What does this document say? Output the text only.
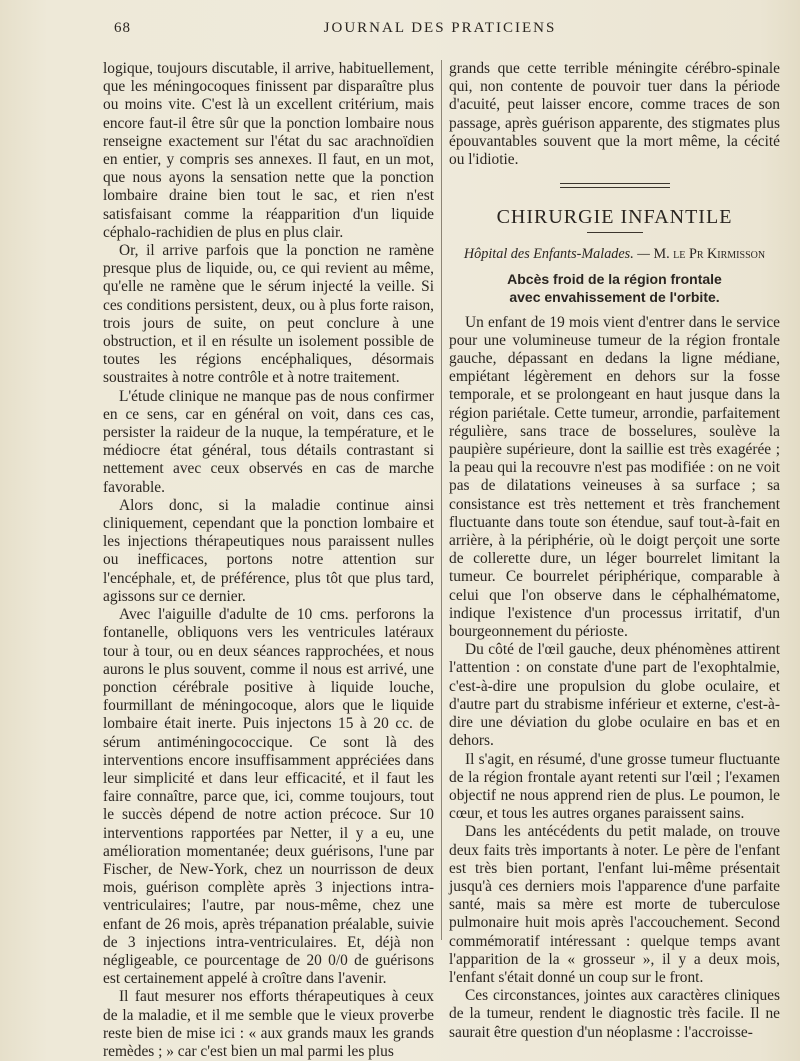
68	JOURNAL DES PRATICIENS

logique, toujours discutable, il arrive, habituellement, que les méningocoques finissent par disparaître plus ou moins vite. C'est là un excellent critérium, mais encore faut-il être sûr que la ponction lombaire nous renseigne exactement sur l'état du sac arachnoïdien en entier, y compris ses annexes. Il faut, en un mot, que nous ayons la sensation nette que la ponction lombaire draine bien tout le sac, et rien n'est satisfaisant comme la réapparition d'un liquide céphalo-rachidien de plus en plus clair.

Or, il arrive parfois que la ponction ne ramène presque plus de liquide, ou, ce qui revient au même, qu'elle ne ramène que le sérum injecté la veille. Si ces conditions persistent, deux, ou à plus forte raison, trois jours de suite, on peut conclure à une obstruction, et il en résulte un isolement possible de toutes les régions encéphaliques, désormais soustraites à notre contrôle et à notre traitement.

L'étude clinique ne manque pas de nous confirmer en ce sens, car en général on voit, dans ces cas, persister la raideur de la nuque, la température, et le médiocre état général, tous détails contrastant si nettement avec ceux observés en cas de marche favorable.

Alors donc, si la maladie continue ainsi cliniquement, cependant que la ponction lombaire et les injections thérapeutiques nous paraissent nulles ou inefficaces, portons notre attention sur l'encéphale, et, de préférence, plus tôt que plus tard, agissons sur ce dernier.

Avec l'aiguille d'adulte de 10 cms. perforons la fontanelle, obliquons vers les ventricules latéraux tour à tour, ou en deux séances rapprochées, et nous aurons le plus souvent, comme il nous est arrivé, une ponction cérébrale positive à liquide louche, fourmillant de méningocoque, alors que le liquide lombaire était inerte. Puis injectons 15 à 20 cc. de sérum antiméningococcique. Ce sont là des interventions encore insuffisamment appréciées dans leur simplicité et dans leur efficacité, et il faut les faire connaître, parce que, ici, comme toujours, tout le succès dépend de notre action précoce. Sur 10 interventions rapportées par Netter, il y a eu, une amélioration momentanée; deux guérisons, l'une par Fischer, de New-York, chez un nourrisson de deux mois, guérison complète après 3 injections intra-ventriculaires; l'autre, par nous-même, chez une enfant de 26 mois, après trépanation préalable, suivie de 3 injections intra-ventriculaires. Et, déjà non négligeable, ce pourcentage de 20 0/0 de guérisons est certainement appelé à croître dans l'avenir.

Il faut mesurer nos efforts thérapeutiques à ceux de la maladie, et il me semble que le vieux proverbe reste bien de mise ici : « aux grands maux les grands remèdes ; » car c'est bien un mal parmi les plus

grands que cette terrible méningite cérébro-spinale qui, non contente de pouvoir tuer dans la période d'acuité, peut laisser encore, comme traces de son passage, après guérison apparente, des stigmates plus épouvantables souvent que la mort même, la cécité ou l'idiotie.

CHIRURGIE INFANTILE

Hôpital des Enfants-Malades. — M. le Pr Kirmisson

Abcès froid de la région frontale
avec envahissement de l'orbite.

Un enfant de 19 mois vient d'entrer dans le service pour une volumineuse tumeur de la région frontale gauche, dépassant en dedans la ligne médiane, empiétant légèrement en dehors sur la fosse temporale, et se prolongeant en haut jusque dans la région pariétale. Cette tumeur, arrondie, parfaitement régulière, sans trace de bosselures, soulève la paupière supérieure, dont la saillie est très exagérée ; la peau qui la recouvre n'est pas modifiée : on ne voit pas de dilatations veineuses à sa surface ; sa consistance est très nettement et très franchement fluctuante dans toute son étendue, sauf tout-à-fait en arrière, à la périphérie, où le doigt perçoit une sorte de collerette dure, un léger bourrelet limitant la tumeur. Ce bourrelet périphérique, comparable à celui que l'on observe dans le céphalhématome, indique l'existence d'un processus irritatif, d'un bourgeonnement du périoste.

Du côté de l'œil gauche, deux phénomènes attirent l'attention : on constate d'une part de l'exophtalmie, c'est-à-dire une propulsion du globe oculaire, et d'autre part du strabisme inférieur et externe, c'est-à-dire une déviation du globe oculaire en bas et en dehors.

Il s'agit, en résumé, d'une grosse tumeur fluctuante de la région frontale ayant retenti sur l'œil ; l'examen objectif ne nous apprend rien de plus. Le poumon, le cœur, et tous les autres organes paraissent sains.

Dans les antécédents du petit malade, on trouve deux faits très importants à noter. Le père de l'enfant est très bien portant, l'enfant lui-même présentait jusqu'à ces derniers mois l'apparence d'une parfaite santé, mais sa mère est morte de tuberculose pulmonaire huit mois après l'accouchement. Second commémoratif intéressant : quelque temps avant l'apparition de la « grosseur », il y a deux mois, l'enfant s'était donné un coup sur le front.

Ces circonstances, jointes aux caractères cliniques de la tumeur, rendent le diagnostic très facile. Il ne saurait être question d'un néoplasme : l'accroisse-
